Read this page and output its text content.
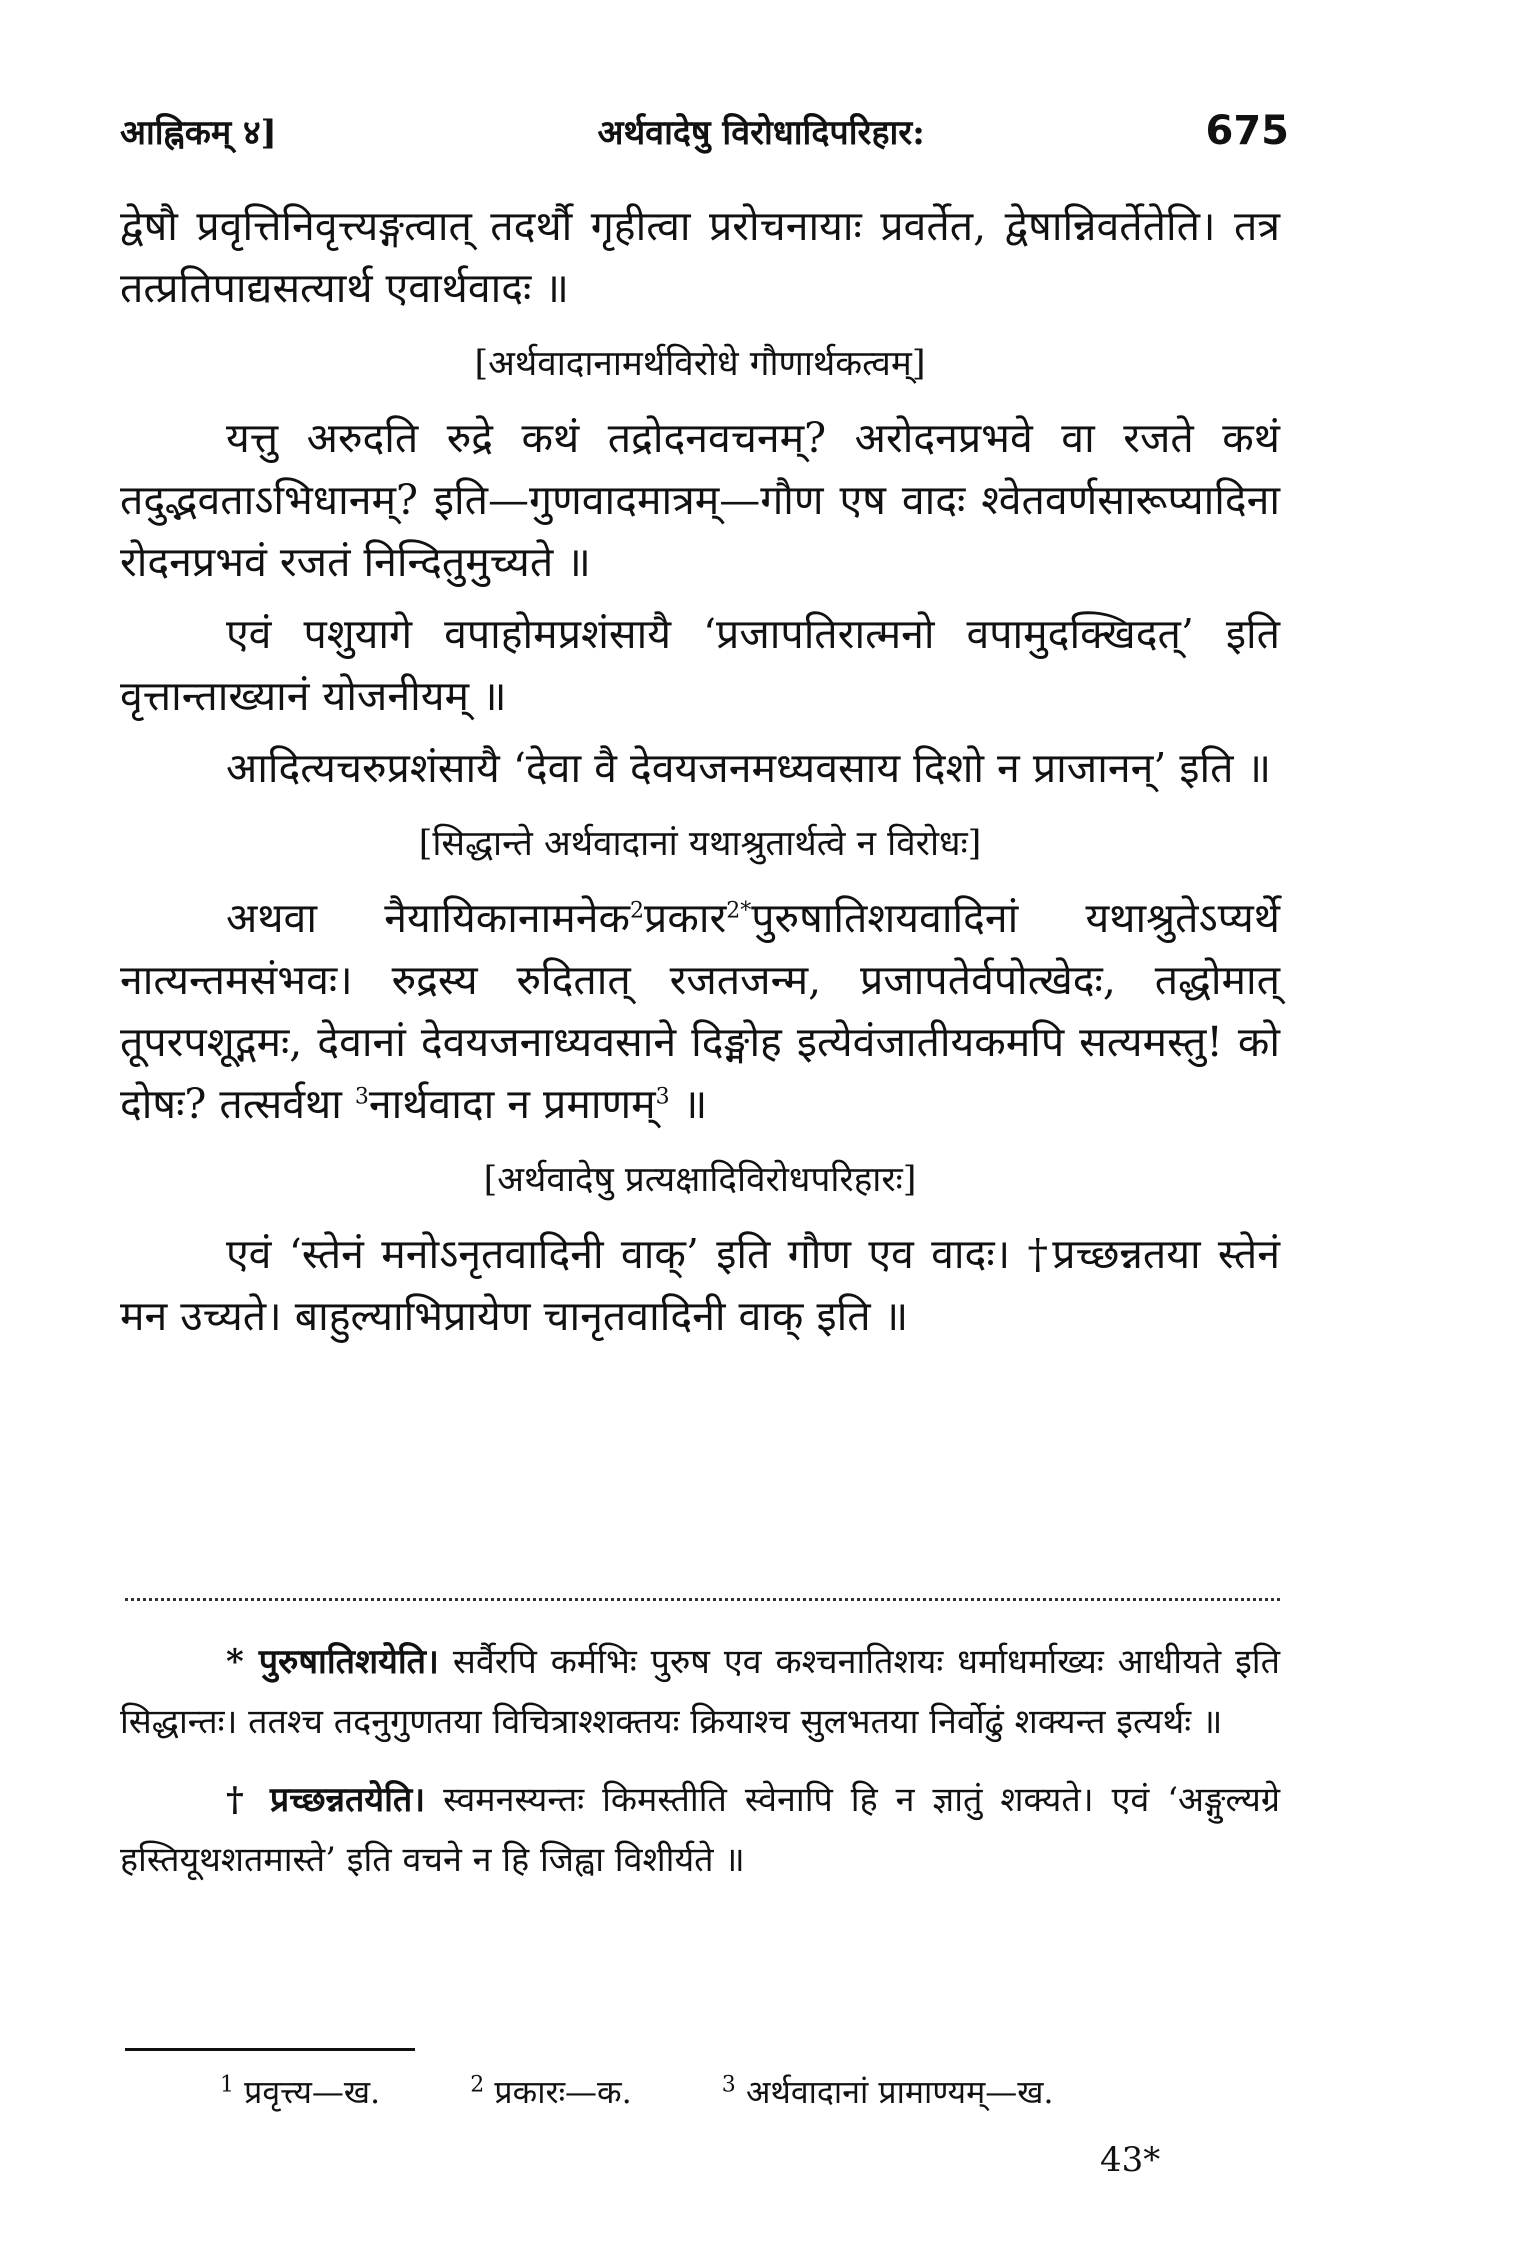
आह्निकम् ४]	अर्थवादेषु विरोधादिपरिहार:	675

द्वेषौ प्रवृत्तिनिवृत्त्यङ्गत्वात् तदर्थौ गृहीत्वा प्ररोचनायाः प्रवर्तेत, द्वेषान्निवर्तेतेति। तत्र तत्प्रतिपाद्यसत्यार्थ एवार्थवादः ॥

[अर्थवादानामर्थविरोधे गौणार्थकत्वम्]

यत्तु अरुदति रुद्रे कथं तद्रोदनवचनम्? अरोदनप्रभवे वा रजते कथं तदुद्भवताऽभिधानम्? इति—गुणवादमात्रम्—गौण एष वादः श्वेतवर्णसारूप्यादिना रोदनप्रभवं रजतं निन्दितुमुच्यते ॥

एवं पशुयागे वपाहोमप्रशंसायै ‘प्रजापतिरात्मनो वपामुदक्खिदत्’ इति वृत्तान्ताख्यानं योजनीयम् ॥

आदित्यचरुप्रशंसायै ‘देवा वै देवयजनमध्यवसाय दिशो न प्राजानन्’ इति ॥

[सिद्धान्ते अर्थवादानां यथाश्रुतार्थत्वे न विरोधः]

अथवा नैयायिकानामनेक$^2$प्रकार$^{2*}$पुरुषातिशयवादिनां यथाश्रुतेऽप्यर्थे नात्यन्तमसंभवः। रुद्रस्य रुदितात् रजतजन्म, प्रजापतेर्वपोत्खेदः, तद्धोमात् तूपरपशूद्गमः, देवानां देवयजनाध्यवसाने दिङ्मोह इत्येवंजातीयकमपि सत्यमस्तु! को दोषः? तत्सर्वथा $^3$नार्थवादा न प्रमाणम्$^3$ ॥

[अर्थवादेषु प्रत्यक्षादिविरोधपरिहारः]

एवं ‘स्तेनं मनोऽनृतवादिनी वाक्’ इति गौण एव वादः। †प्रच्छन्नतया स्तेनं मन उच्यते। बाहुल्याभिप्रायेण चानृतवादिनी वाक् इति ॥

* पुरुषातिशयेति। सर्वैरपि कर्मभिः पुरुष एव कश्चनातिशयः धर्माधर्माख्यः आधीयते इति सिद्धान्तः। ततश्च तदनुगुणतया विचित्राश्शक्तयः क्रियाश्च सुलभतया निर्वोढुं शक्यन्त इत्यर्थः ॥

† प्रच्छन्नतयेति। स्वमनस्यन्तः किमस्तीति स्वेनापि हि न ज्ञातुं शक्यते। एवं ‘अङ्गुल्यग्रे हस्तियूथशतमास्ते’ इति वचने न हि जिह्वा विशीर्यते ॥

$^1$ प्रवृत्त्य—ख.	$^2$ प्रकारः—क.	$^3$ अर्थवादानां प्रामाण्यम्—ख.
43*
